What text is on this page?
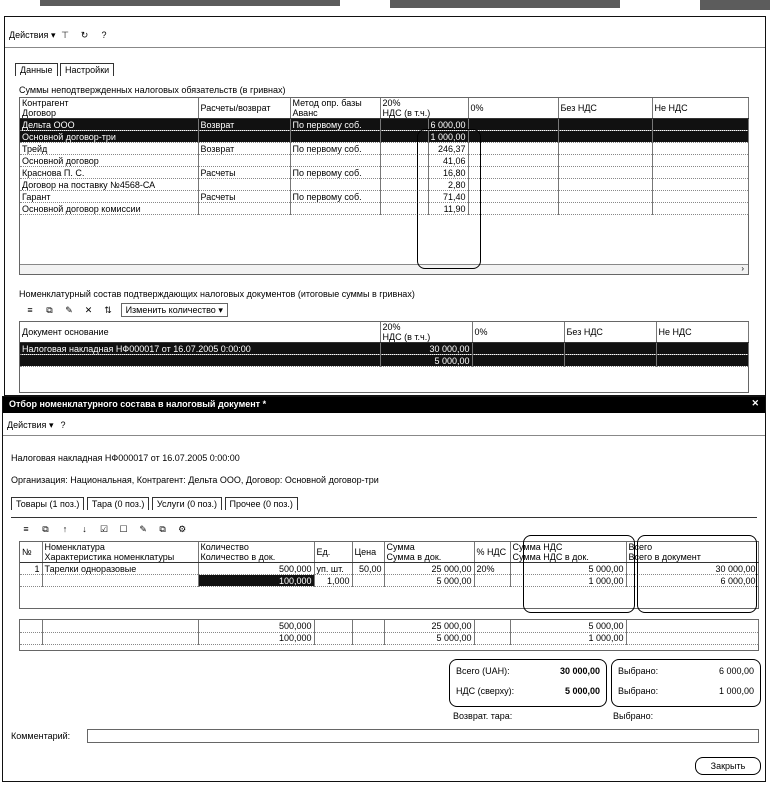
Действия ▾ ⊤ ↻ ?
Данные Настройки
Суммы неподтвержденных налоговых обязательств (в гривнах)
Контрагент
Договор	Расчеты/возврат	Метод опр. базы
Аванс	20%
НДС (в т.ч.)		0%	Без НДС	Не НДС
Дельта ООО	Возврат	По первому соб.		6 000,00			
Основной договор-три				1 000,00			
Трейд	Возврат	По первому соб.		246,37			
Основной договор				41,06			
Краснова П. С.	Расчеты	По первому соб.		16,80			
Договор на поставку №4568-СА				2,80			
Гарант	Расчеты	По первому соб.		71,40			
Основной договор комиссии				11,90			
›
Номенклатурный состав подтверждающих налоговых документов (итоговые суммы в гривнах)
≡ ⧉ ✎ ✕ ⇅ Изменить количество ▾
Документ основание	20%
НДС (в т.ч.)	0%	Без НДС	Не НДС
Налоговая накладная НФ000017 от 16.07.2005 0:00:00	30 000,00			
	5 000,00			
Отбор номенклатурного состава в налоговый документ *	✕
Действия ▾ ?
Налоговая накладная НФ000017 от 16.07.2005 0:00:00
Организация: Национальная, Контрагент: Дельта ООО, Договор: Основной договор-три
Товары (1 поз.) Тара (0 поз.) Услуги (0 поз.) Прочее (0 поз.)
≡ ⧉ ↑ ↓ ☑ ☐ ✎ ⧉ ⚙
№	Номенклатура
Характеристика номенклатуры	Количество
Количество в док.	Ед.	Цена	Сумма
Сумма в док.	% НДС	Сумма НДС
Сумма НДС в док.	Всего
Всего в документ
1	Тарелки одноразовые	500,000	уп. шт.	50,00	25 000,00	20%	5 000,00	30 000,00
		100,000	1,000		5 000,00		1 000,00	6 000,00
		500,000			25 000,00		5 000,00	
		100,000			5 000,00		1 000,00	
Всего (UAH):	30 000,00
НДС (сверху):	5 000,00
Выбрано:	6 000,00
Выбрано:	1 000,00
Возврат. тара:	Выбрано:
Комментарий:
Закрыть
